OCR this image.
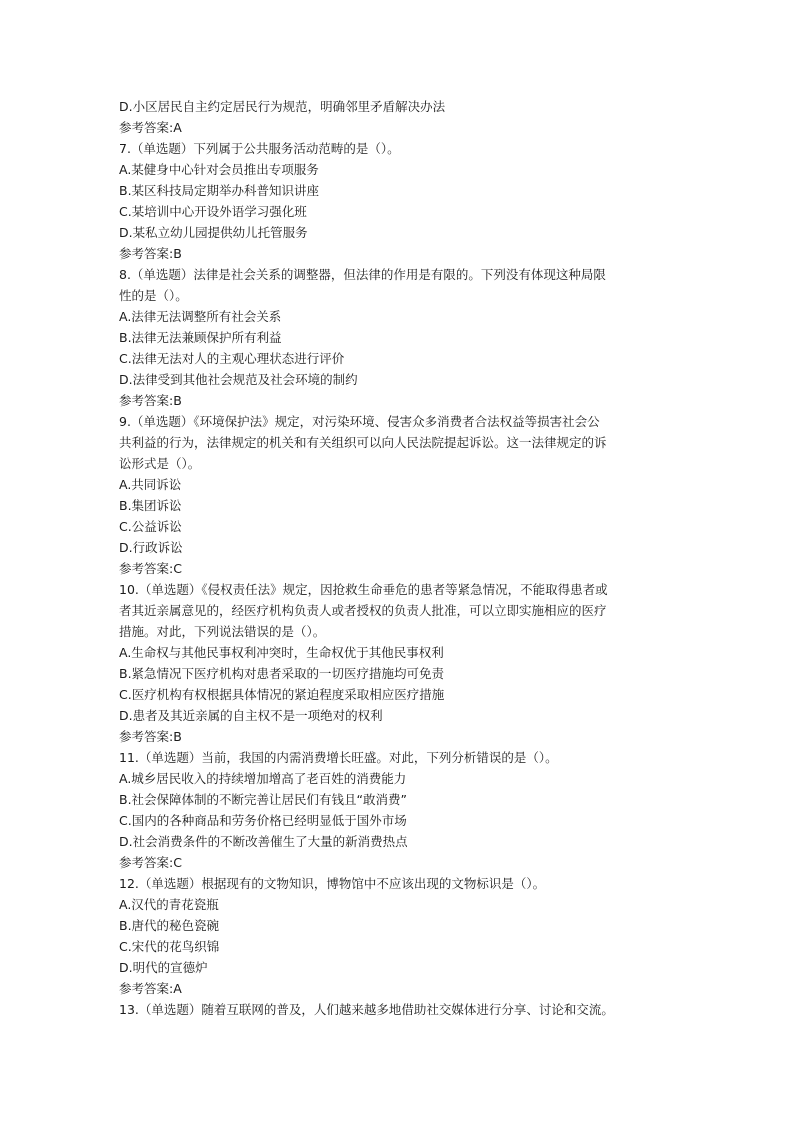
D.小区居民自主约定居民行为规范，明确邻里矛盾解决办法
参考答案:A
7.（单选题）下列属于公共服务活动范畴的是（）。
A.某健身中心针对会员推出专项服务
B.某区科技局定期举办科普知识讲座
C.某培训中心开设外语学习强化班
D.某私立幼儿园提供幼儿托管服务
参考答案:B
8.（单选题）法律是社会关系的调整器，但法律的作用是有限的。下列没有体现这种局限
性的是（）。
A.法律无法调整所有社会关系
B.法律无法兼顾保护所有利益
C.法律无法对人的主观心理状态进行评价
D.法律受到其他社会规范及社会环境的制约
参考答案:B
9.（单选题）《环境保护法》规定，对污染环境、侵害众多消费者合法权益等损害社会公
共利益的行为，法律规定的机关和有关组织可以向人民法院提起诉讼。这一法律规定的诉
讼形式是（）。
A.共同诉讼
B.集团诉讼
C.公益诉讼
D.行政诉讼
参考答案:C
10.（单选题）《侵权责任法》规定，因抢救生命垂危的患者等紧急情况，不能取得患者或
者其近亲属意见的，经医疗机构负责人或者授权的负责人批准，可以立即实施相应的医疗
措施。对此，下列说法错误的是（）。
A.生命权与其他民事权利冲突时，生命权优于其他民事权利
B.紧急情况下医疗机构对患者采取的一切医疗措施均可免责
C.医疗机构有权根据具体情况的紧迫程度采取相应医疗措施
D.患者及其近亲属的自主权不是一项绝对的权利
参考答案:B
11.（单选题）当前，我国的内需消费增长旺盛。对此，下列分析错误的是（）。
A.城乡居民收入的持续增加增高了老百姓的消费能力
B.社会保障体制的不断完善让居民们有钱且“敢消费”
C.国内的各种商品和劳务价格已经明显低于国外市场
D.社会消费条件的不断改善催生了大量的新消费热点
参考答案:C
12.（单选题）根据现有的文物知识，博物馆中不应该出现的文物标识是（）。
A.汉代的青花瓷瓶
B.唐代的秘色瓷碗
C.宋代的花鸟织锦
D.明代的宣德炉
参考答案:A
13.（单选题）随着互联网的普及，人们越来越多地借助社交媒体进行分享、讨论和交流。
